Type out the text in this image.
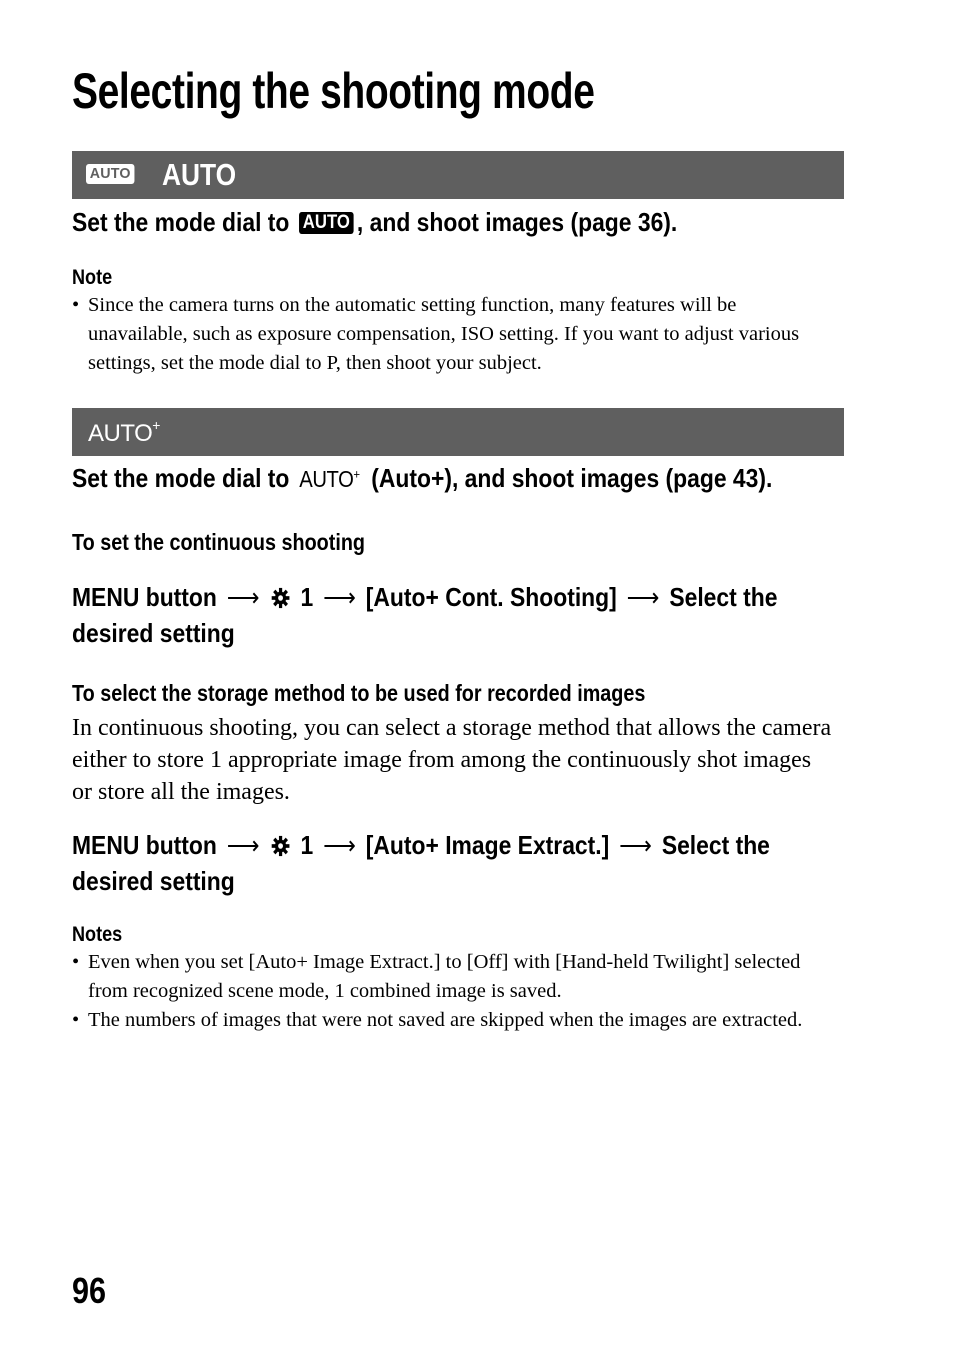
Selecting the shooting mode
AUTO AUTO
Set the mode dial to AUTO , and shoot images (page 36).
Note
• Since the camera turns on the automatic setting function, many features will be unavailable, such as exposure compensation, ISO setting. If you want to adjust various settings, set the mode dial to P, then shoot your subject.
AUTO+
Set the mode dial to AUTO+ (Auto+), and shoot images (page 43).
To set the continuous shooting
MENU button ⟶ 1 ⟶ [Auto+ Cont. Shooting] ⟶ Select the
desired setting
To select the storage method to be used for recorded images
In continuous shooting, you can select a storage method that allows the camera either to store 1 appropriate image from among the continuously shot images or store all the images.
MENU button ⟶ 1 ⟶ [Auto+ Image Extract.] ⟶ Select the
desired setting
Notes
• Even when you set [Auto+ Image Extract.] to [Off] with [Hand-held Twilight] selected from recognized scene mode, 1 combined image is saved.
• The numbers of images that were not saved are skipped when the images are extracted.
96
